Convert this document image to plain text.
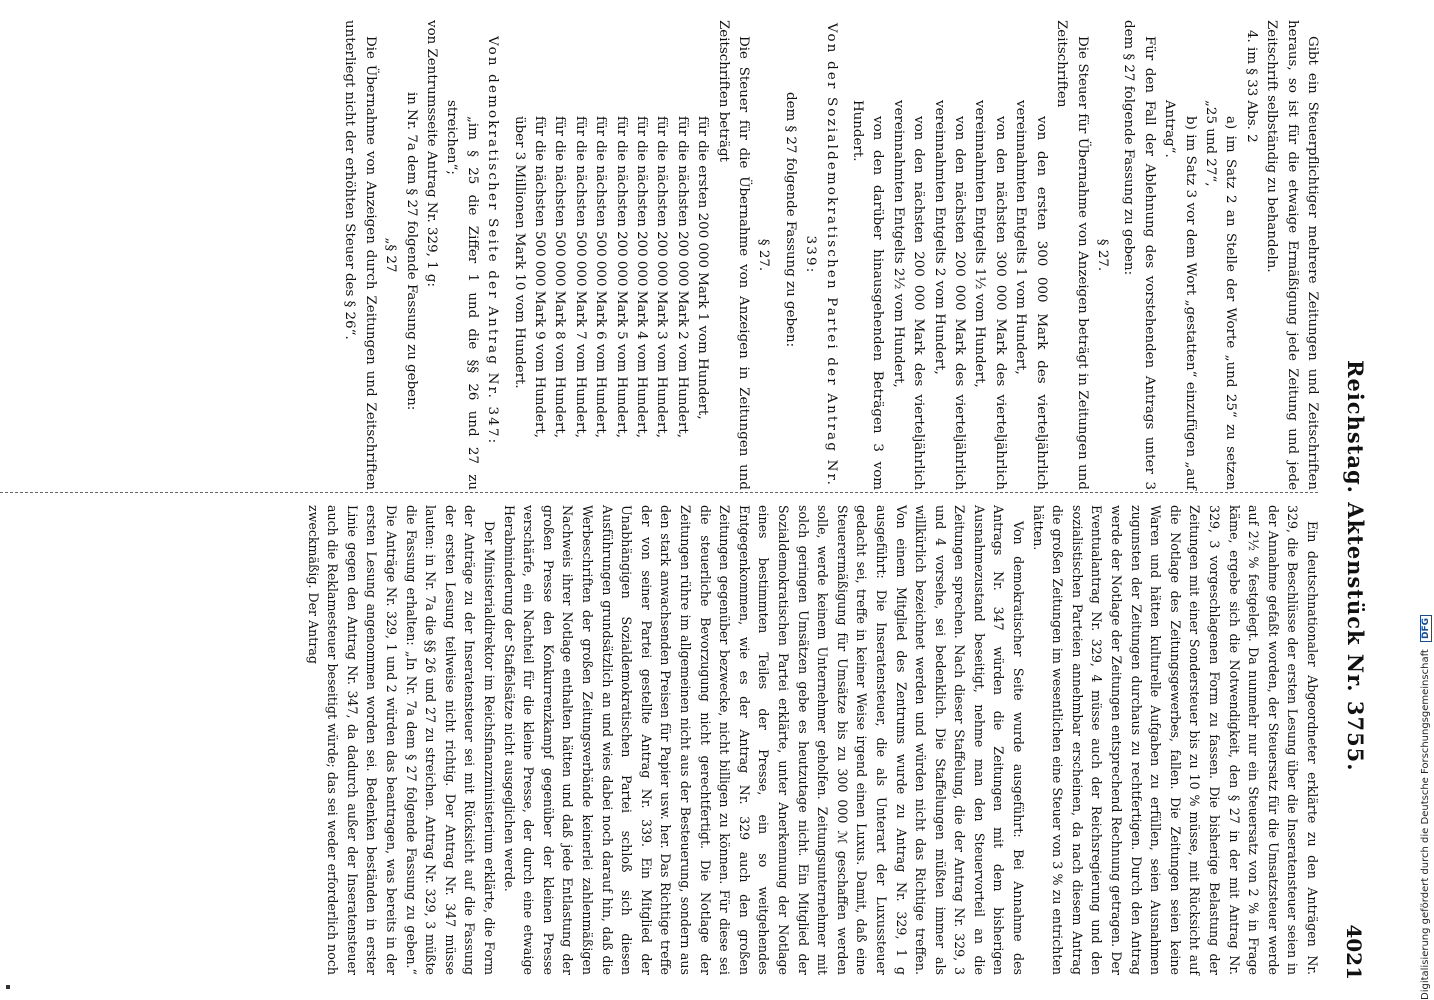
Reichstag. Aktenstück Nr. 3755.
4021

Gibt ein Steuerpflichtiger mehrere Zeitungen und Zeitschriften heraus, so ist für die etwaige Ermäßigung jede Zeitung und jede Zeitschrift selbständig zu behandeln.

4. im § 33 Abs. 2

a) im Satz 2 an Stelle der Worte „und 25“ zu setzen „25 und 27“,

b) im Satz 3 vor dem Wort „gestatten“ einzufügen „auf Antrag“.

Für den Fall der Ablehnung des vorstehenden Antrags unter 3 dem § 27 folgende Fassung zu geben:

§ 27.

Die Steuer für Übernahme von Anzeigen beträgt in Zeitungen und Zeitschriften

von den ersten 300 000 Mark des vierteljährlich vereinnahmten Entgelts 1 vom Hundert,

von den nächsten 300 000 Mark des vierteljährlich vereinnahmten Entgelts 1½ vom Hundert,

von den nächsten 200 000 Mark des vierteljährlich vereinnahmten Entgelts 2 vom Hundert,

von den nächsten 200 000 Mark des vierteljährlich vereinnahmten Entgelts 2½ vom Hundert,

von den darüber hinausgehenden Beträgen 3 vom Hundert.

Von der Sozialdemokratischen Partei der Antrag Nr. 339:

dem § 27 folgende Fassung zu geben:

§ 27.

Die Steuer für die Übernahme von Anzeigen in Zeitungen und Zeitschriften beträgt

für die ersten 200 000 Mark 1 vom Hundert,

für die nächsten 200 000 Mark 2 vom Hundert,

für die nächsten 200 000 Mark 3 vom Hundert,

für die nächsten 200 000 Mark 4 vom Hundert,

für die nächsten 200 000 Mark 5 vom Hundert,

für die nächsten 500 000 Mark 6 vom Hundert,

für die nächsten 500 000 Mark 7 vom Hundert,

für die nächsten 500 000 Mark 8 vom Hundert,

für die nächsten 500 000 Mark 9 vom Hundert,

über 3 Millionen Mark 10 vom Hundert.

Von demokratischer Seite der Antrag Nr. 347:

„im § 25 die Ziffer 1 und die §§ 26 und 27 zu streichen“;

von Zentrumsseite Antrag Nr. 329, 1 g:

in Nr. 7a dem § 27 folgende Fassung zu geben:

„§ 27

Die Übernahme von Anzeigen durch Zeitungen und Zeitschriften unterliegt nicht der erhöhten Steuer des § 26“.

Ein deutschnationaler Abgeordneter erklärte zu den Anträgen Nr. 329, die Beschlüsse der ersten Lesung über die Inseratensteuer seien in der Annahme gefaßt worden, der Steuersatz für die Umsatzsteuer werde auf 2½ % festgelegt. Da nunmehr nur ein Steuersatz von 2 % in Frage käme, ergebe sich die Notwendigkeit, den § 27 in der mit Antrag Nr. 329, 3 vorgeschlagenen Form zu fassen. Die bisherige Belastung der Zeitungen mit einer Sondersteuer bis zu 10 % müsse, mit Rücksicht auf die Notlage des Zeitungsgewerbes, fallen. Die Zeitungen seien keine Waren und hätten kulturelle Aufgaben zu erfüllen, seien Ausnahmen zugunsten der Zeitungen durchaus zu rechtfertigen. Durch den Antrag werde der Notlage der Zeitungen entsprechend Rechnung getragen. Der Eventualantrag Nr. 329, 4 müsse auch der Reichsregierung und den sozialistischen Parteien annehmbar erscheinen, da nach diesem Antrag die großen Zeitungen im wesentlichen eine Steuer von 3 % zu entrichten hätten.

Von demokratischer Seite wurde ausgeführt: Bei Annahme des Antrags Nr. 347 würden die Zeitungen mit dem bisherigen Ausnahmezustand beseitigt, nehme man den Steuervorteil an die Zeitungen sprechen. Nach dieser Staffelung, die der Antrag Nr. 329, 3 und 4 vorsehe, sei bedenklich. Die Staffelungen müßten immer als willkürlich bezeichnet werden und würden nicht das Richtige treffen. Von einem Mitglied des Zentrums wurde zu Antrag Nr. 329, 1 g ausgeführt: Die Inseratensteuer, die als Unterart der Luxussteuer gedacht sei, treffe in keiner Weise irgend einen Luxus. Damit, daß eine Steuerermäßigung für Umsätze bis zu 300 000 ℳ geschaffen werden solle, werde keinem Unternehmer geholfen. Zeitungsunternehmer mit solch geringen Umsätzen gebe es heutzutage nicht. Ein Mitglied der Sozialdemokratischen Partei erklärte, unter Anerkennung der Notlage eines bestimmten Teiles der Presse, ein so weitgehendes Entgegenkommen, wie es der Antrag Nr. 329 auch den großen Zeitungen gegenüber bezwecke, nicht billigen zu können. Für diese sei die steuerliche Bevorzugung nicht gerechtfertigt. Die Notlage der Zeitungen rühre im allgemeinen nicht aus der Besteuerung, sondern aus den stark anwachsenden Preisen für Papier usw. her. Das Richtige treffe der von seiner Partei gestellte Antrag Nr. 339. Ein Mitglied der Unabhängigen Sozialdemokratischen Partei schloß sich diesen Ausführungen grundsätzlich an und wies dabei noch darauf hin, daß die Werbeschriften der großen Zeitungsverbände keinerlei zahlenmäßigen Nachweis ihrer Notlage enthalten hätten und daß jede Entlastung der großen Presse den Konkurrenzkampf gegenüber der kleinen Presse verschärfe, ein Nachteil für die kleine Presse, der durch eine etwaige Herabminderung der Staffelsätze nicht ausgeglichen werde.

Der Ministerialdirektor im Reichsfinanzministerium erklärte, die Form der Anträge zu der Inseratensteuer sei mit Rücksicht auf die Fassung der ersten Lesung teilweise nicht richtig. Der Antrag Nr. 347 müsse lauten: in Nr. 7a die §§ 26 und 27 zu streichen. Antrag Nr. 329, 3 müßte die Fassung erhalten: „In Nr. 7a dem § 27 folgende Fassung zu geben.“ Die Anträge Nr. 329, 1 und 2 würden das beantragen, was bereits in der ersten Lesung angenommen worden sei. Bedenken beständen in erster Linie gegen den Antrag Nr. 347, da dadurch außer der Inseratensteuer auch die Reklamesteuer beseitigt würde; das sei weder erforderlich noch zweckmäßig. Der Antrag

Digitalisierung gefördert durch die Deutsche Forschungsgemeinschaft DFG
